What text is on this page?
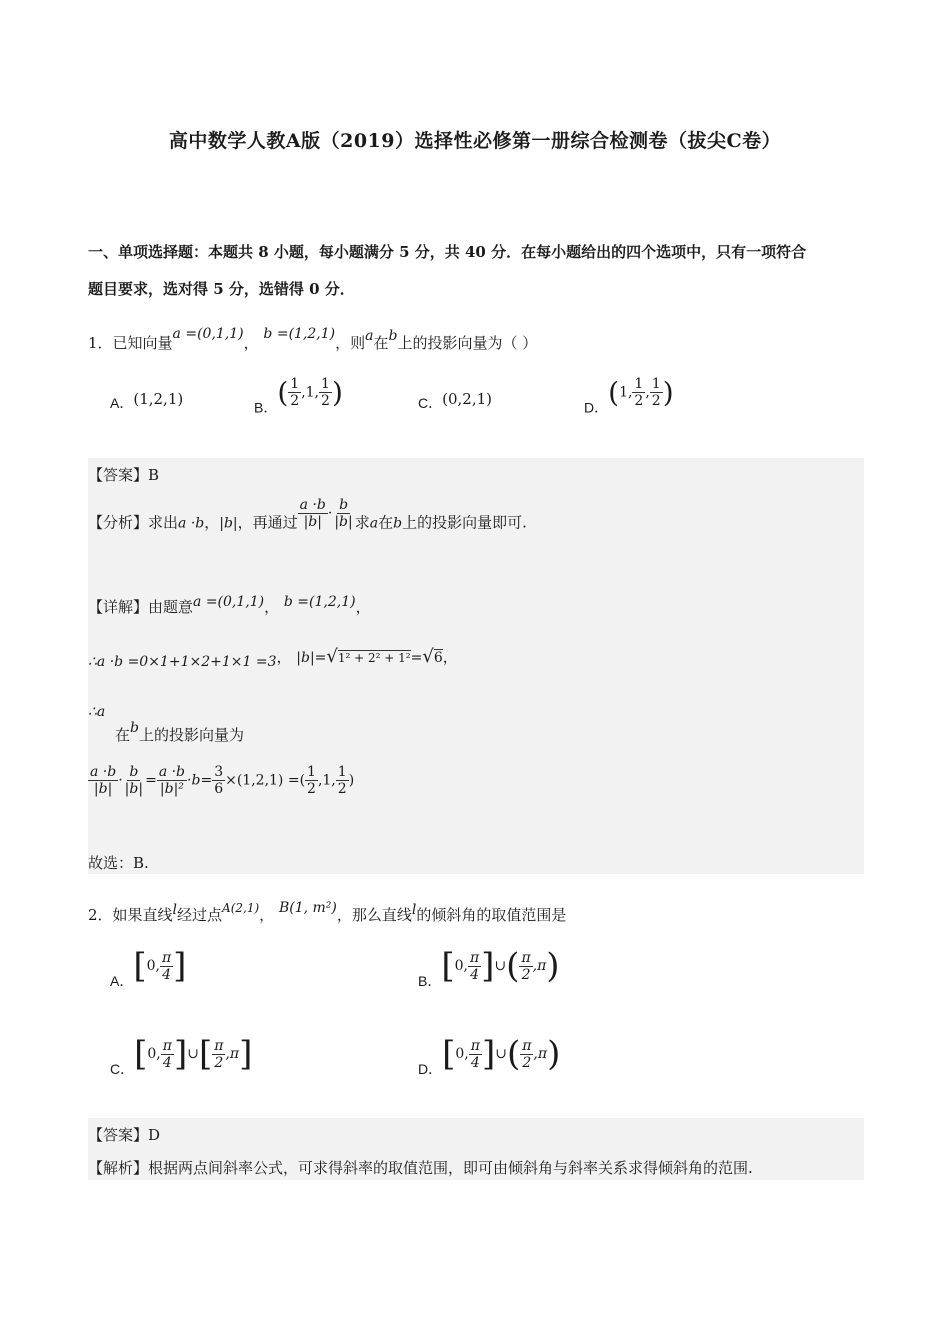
高中数学人教A版（2019）选择性必修第一册综合检测卷（拔尖C卷）
一、单项选择题：本题共 8 小题，每小题满分 5 分，共 40 分．在每小题给出的四个选项中，只有一项符合
题目要求，选对得 5 分，选错得 0 分．
1．已知向量a =(0,1,1)， b =(1,2,1)，则a在b上的投影向量为（ ）
A．(1,2,1)	B．( $\frac{1}{2} ,1$, $\frac{1}{2}$ )	C．(0,2,1)	D．(1, $\frac{1}{2}$ , $\frac{1}{2}$ )
【答案】B
【分析】求出a ·b，|b|，再通过 $\frac{a \cdot b}{|b|} \cdot \frac{b}{|b|}$ 求a在b上的投影向量即可.
【详解】由题意a =(0,1,1)， b =(1,2,1)，
∴a ·b =0×1+1×2+1×1 =3， |b|=√1² + 2² + 1²=√6，
∴a
在b上的投影向量为
$\frac{a \cdot b}{|b|} \cdot \frac{b}{|b|} = \frac{a \cdot b}{\text{|b|²}} \cdot b= \frac{3}{6} \times(1,2,1)$ =( $\frac{1}{2} ,1$, $\frac{1}{2}$ )
故选：B.
2．如果直线l经过点$^{A(2,1)}$， B(1, m²)，那么直线l的倾斜角的取值范围是
A．[0, $\frac{\pi}{4}$ ]	B．[0, $\frac{\pi}{4}$ ]∪( $\frac{\pi}{2} ,\pi$)
C．[0, $\frac{\pi}{4}$ ]∪[ $\frac{\pi}{2} ,\pi$]	D．[0, $\frac{\pi}{4}$ ]∪( $\frac{\pi}{2} ,\pi$)
【答案】D
【解析】根据两点间斜率公式，可求得斜率的取值范围，即可由倾斜角与斜率关系求得倾斜角的范围.
